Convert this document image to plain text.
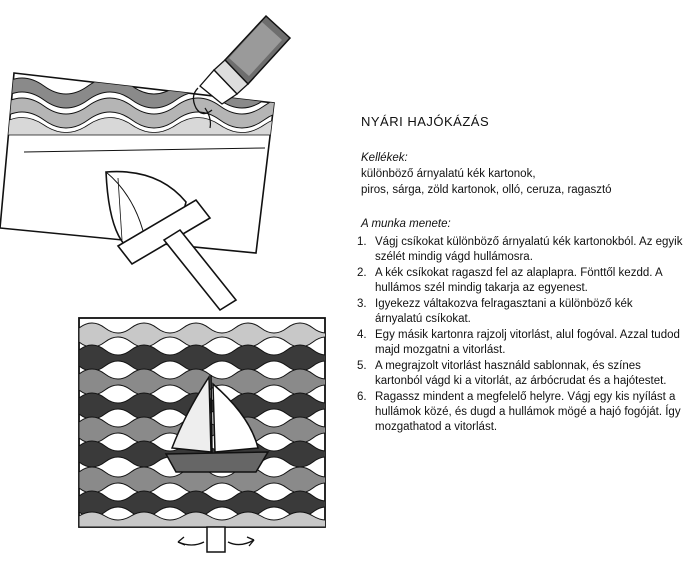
NYÁRI HAJÓKÁZÁS
Kellékek:
különböző árnyalatú kék kartonok,
piros, sárga, zöld kartonok, olló, ceruza, ragasztó
A munka menete:
1. Vágj csíkokat különböző árnyalatú kék kartonokból. Az egyik szélét mindig vágd hullámosra.
2. A kék csíkokat ragaszd fel az alaplapra. Fönttől kezdd. A hullámos szél mindig takarja az egyenest.
3. Igyekezz váltakozva felragasztani a különböző kék árnyalatú csíkokat.
4. Egy másik kartonra rajzolj vitorlást, alul fogóval. Azzal tudod majd mozgatni a vitorlást.
5. A megrajzolt vitorlást használd sablonnak, és színes kartonból vágd ki a vitorlát, az árbócrudat és a hajótestet.
6. Ragassz mindent a megfelelő helyre. Vágj egy kis nyílást a hullámok közé, és dugd a hullámok mögé a hajó fogóját. Így mozgathatod a vitorlást.
